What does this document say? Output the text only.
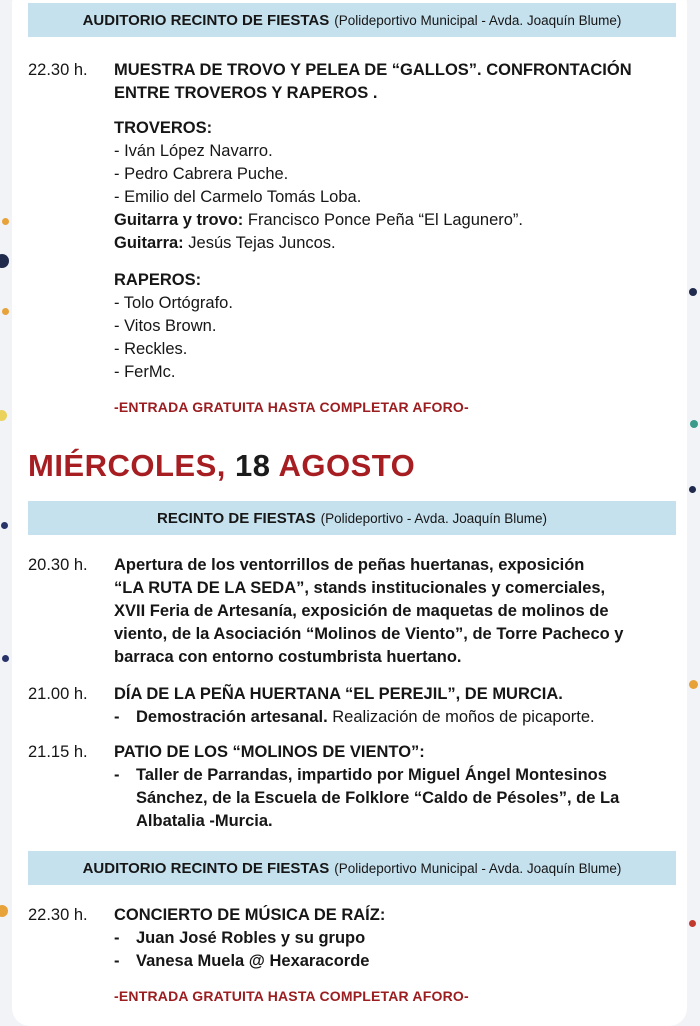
AUDITORIO RECINTO DE FIESTAS (Polideportivo Municipal - Avda. Joaquín Blume)
22.30 h.	MUESTRA DE TROVO Y PELEA DE “GALLOS”. CONFRONTACIÓN
ENTRE TROVEROS Y RAPEROS .
TROVEROS:
- Iván López Navarro.
- Pedro Cabrera Puche.
- Emilio del Carmelo Tomás Loba.
Guitarra y trovo: Francisco Ponce Peña “El Lagunero”.
Guitarra: Jesús Tejas Juncos.
RAPEROS:
- Tolo Ortógrafo.
- Vitos Brown.
- Reckles.
- FerMc.
-ENTRADA GRATUITA HASTA COMPLETAR AFORO-
MIÉRCOLES, 18 AGOSTO
RECINTO DE FIESTAS (Polideportivo - Avda. Joaquín Blume)
20.30 h.	Apertura de los ventorrillos de peñas huertanas, exposición
“LA RUTA DE LA SEDA”, stands institucionales y comerciales,
XVII Feria de Artesanía, exposición de maquetas de molinos de
viento, de la Asociación “Molinos de Viento”, de Torre Pacheco y
barraca con entorno costumbrista huertano.
21.00 h.	DÍA DE LA PEÑA HUERTANA “EL PEREJIL”, DE MURCIA.
-	Demostración artesanal. Realización de moños de picaporte.
21.15 h.	PATIO DE LOS “MOLINOS DE VIENTO”:
-	Taller de Parrandas, impartido por Miguel Ángel Montesinos
Sánchez, de la Escuela de Folklore “Caldo de Pésoles”, de La
Albatalia -Murcia.
AUDITORIO RECINTO DE FIESTAS (Polideportivo Municipal - Avda. Joaquín Blume)
22.30 h.	CONCIERTO DE MÚSICA DE RAÍZ:
-	Juan José Robles y su grupo
-	Vanesa Muela @ Hexaracorde
-ENTRADA GRATUITA HASTA COMPLETAR AFORO-
